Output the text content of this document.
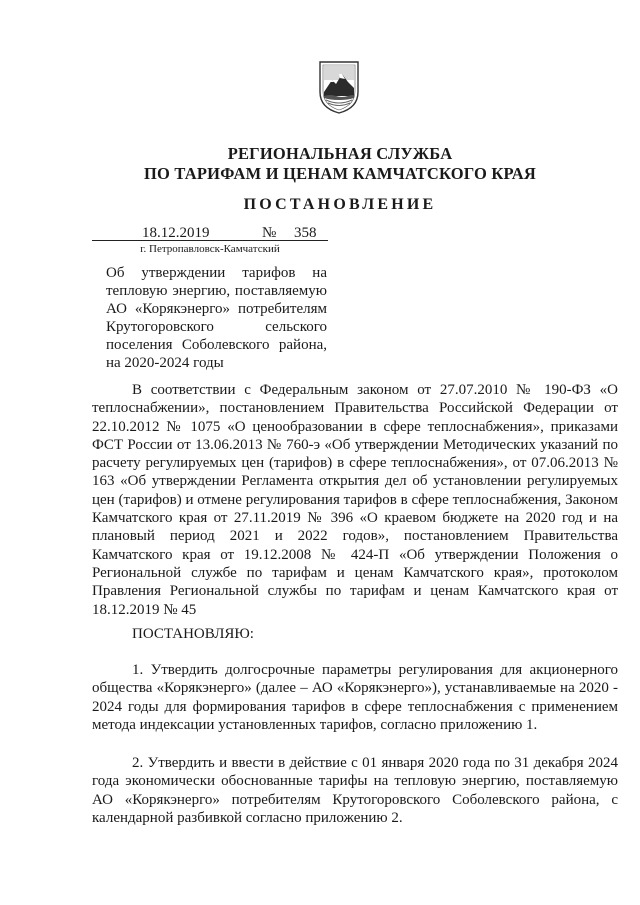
РЕГИОНАЛЬНАЯ СЛУЖБА
ПО ТАРИФАМ И ЦЕНАМ КАМЧАТСКОГО КРАЯ
ПОСТАНОВЛЕНИЕ
18.12.2019	№ 358
г. Петропавловск-Камчатский
Об утверждении тарифов на
тепловую энергию, поставляемую
АО «Корякэнерго» потребителям
Крутогоровского сельского
поселения Соболевского района,
на 2020-2024 годы
В соответствии с Федеральным законом от 27.07.2010 № 190-ФЗ «О теплоснабжении», постановлением Правительства Российской Федерации от 22.10.2012 № 1075 «О ценообразовании в сфере теплоснабжения», приказами ФСТ России от 13.06.2013 № 760-э «Об утверждении Методических указаний по расчету регулируемых цен (тарифов) в сфере теплоснабжения», от 07.06.2013 № 163 «Об утверждении Регламента открытия дел об установлении регулируемых цен (тарифов) и отмене регулирования тарифов в сфере теплоснабжения, Законом Камчатского края от 27.11.2019 № 396 «О краевом бюджете на 2020 год и на плановый период 2021 и 2022 годов», постановлением Правительства Камчатского края от 19.12.2008 № 424-П «Об утверждении Положения о Региональной службе по тарифам и ценам Камчатского края», протоколом Правления Региональной службы по тарифам и ценам Камчатского края от 18.12.2019 № 45
ПОСТАНОВЛЯЮ:
1. Утвердить долгосрочные параметры регулирования для акционерного общества «Корякэнерго» (далее – АО «Корякэнерго»), устанавливаемые на 2020 - 2024 годы для формирования тарифов в сфере теплоснабжения с применением метода индексации установленных тарифов, согласно приложению 1.
2. Утвердить и ввести в действие с 01 января 2020 года по 31 декабря 2024 года экономически обоснованные тарифы на тепловую энергию, поставляемую АО «Корякэнерго» потребителям Крутогоровского Соболевского района, с календарной разбивкой согласно приложению 2.
